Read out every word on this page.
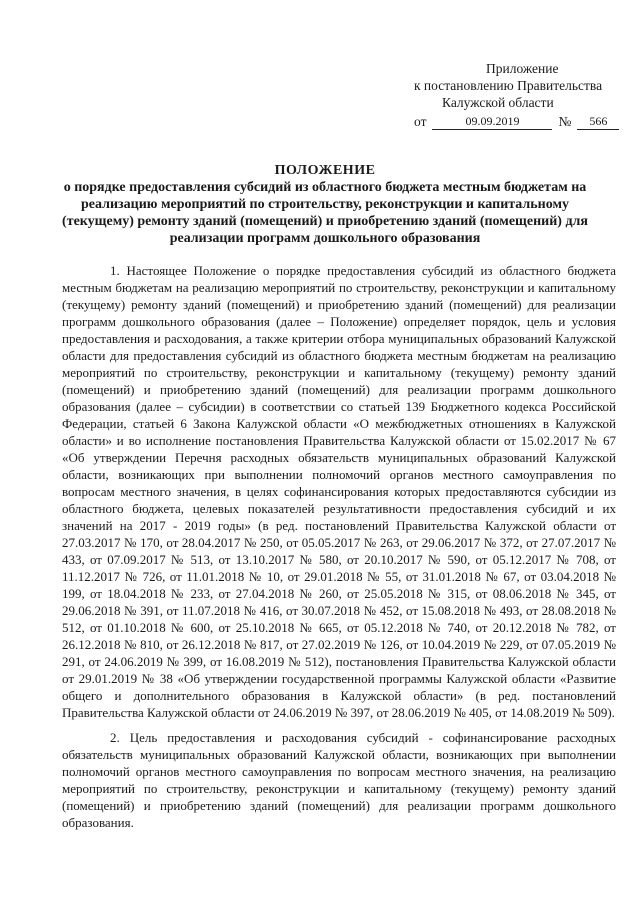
Приложение
к постановлению Правительства
Калужской области
от	09.09.2019	№	566
ПОЛОЖЕНИЕ
о порядке предоставления субсидий из областного бюджета местным бюджетам на реализацию мероприятий по строительству, реконструкции и капитальному (текущему) ремонту зданий (помещений) и приобретению зданий (помещений) для реализации программ дошкольного образования

1. Настоящее Положение о порядке предоставления субсидий из областного бюджета местным бюджетам на реализацию мероприятий по строительству, реконструкции и капитальному (текущему) ремонту зданий (помещений) и приобретению зданий (помещений) для реализации программ дошкольного образования (далее – Положение) определяет порядок, цель и условия предоставления и расходования, а также критерии отбора муниципальных образований Калужской области для предоставления субсидий из областного бюджета местным бюджетам на реализацию мероприятий по строительству, реконструкции и капитальному (текущему) ремонту зданий (помещений) и приобретению зданий (помещений) для реализации программ дошкольного образования (далее – субсидии) в соответствии со статьей 139 Бюджетного кодекса Российской Федерации, статьей 6 Закона Калужской области «О межбюджетных отношениях в Калужской области» и во исполнение постановления Правительства Калужской области от 15.02.2017 № 67 «Об утверждении Перечня расходных обязательств муниципальных образований Калужской области, возникающих при выполнении полномочий органов местного самоуправления по вопросам местного значения, в целях софинансирования которых предоставляются субсидии из областного бюджета, целевых показателей результативности предоставления субсидий и их значений на 2017 - 2019 годы» (в ред. постановлений Правительства Калужской области от 27.03.2017 № 170, от 28.04.2017 № 250, от 05.05.2017 № 263, от 29.06.2017 № 372, от 27.07.2017 № 433, от 07.09.2017 № 513, от 13.10.2017 № 580, от 20.10.2017 № 590, от 05.12.2017 № 708, от 11.12.2017 № 726, от 11.01.2018 № 10, от 29.01.2018 № 55, от 31.01.2018 № 67, от 03.04.2018 № 199, от 18.04.2018 № 233, от 27.04.2018 № 260, от 25.05.2018 № 315, от 08.06.2018 № 345, от 29.06.2018 № 391, от 11.07.2018 № 416, от 30.07.2018 № 452, от 15.08.2018 № 493, от 28.08.2018 № 512, от 01.10.2018 № 600, от 25.10.2018 № 665, от 05.12.2018 № 740, от 20.12.2018 № 782, от 26.12.2018 № 810, от 26.12.2018 № 817, от 27.02.2019 № 126, от 10.04.2019 № 229, от 07.05.2019 № 291, от 24.06.2019 № 399, от 16.08.2019 № 512), постановления Правительства Калужской области от 29.01.2019 № 38 «Об утверждении государственной программы Калужской области «Развитие общего и дополнительного образования в Калужской области» (в ред. постановлений Правительства Калужской области от 24.06.2019 № 397, от 28.06.2019 № 405, от 14.08.2019 № 509).

2. Цель предоставления и расходования субсидий - софинансирование расходных обязательств муниципальных образований Калужской области, возникающих при выполнении полномочий органов местного самоуправления по вопросам местного значения, на реализацию мероприятий по строительству, реконструкции и капитальному (текущему) ремонту зданий (помещений) и приобретению зданий (помещений) для реализации программ дошкольного образования.
